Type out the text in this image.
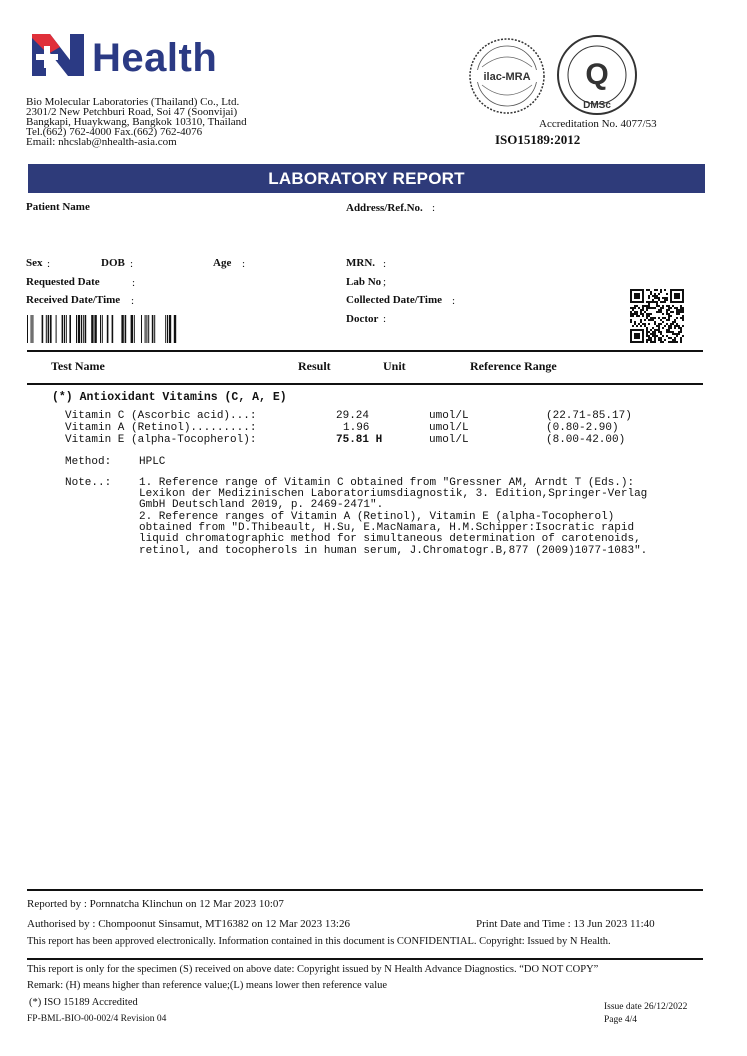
Health
Bio Molecular Laboratories (Thailand) Co., Ltd.
2301/2 New Petchburi Road, Soi 47 (Soonvijai)
Bangkapi, Huaykwang, Bangkok 10310, Thailand
Tel.(662) 762-4000 Fax.(662) 762-4076
Email: nhcslab@nhealth-asia.com
ilac-MRA Q
DMSc
Accreditation No. 4077/53
ISO15189:2012
LABORATORY REPORT
Patient Name	Address/Ref.No. :
Sex :	DOB :	Age :	MRN. :
Requested Date	:	Lab No ;
Received Date/Time :	Collected Date/Time :
Doctor :
Test Name	Result	Unit	Reference Range
(*) Antioxidant Vitamins (C, A, E)
Vitamin C (Ascorbic acid)...:	29.24	umol/L	(22.71-85.17)
Vitamin A (Retinol).........:	1.96	umol/L	(0.80-2.90)
Vitamin E (alpha-Tocopherol):	75.81 H	umol/L	(8.00-42.00)
Method:	HPLC
Note..:	1. Reference range of Vitamin C obtained from "Gressner AM, Arndt T (Eds.):
Lexikon der Medizinischen Laboratoriumsdiagnostik, 3. Edition,Springer-Verlag
GmbH Deutschland 2019, p. 2469-2471".
2. Reference ranges of Vitamin A (Retinol), Vitamin E (alpha-Tocopherol)
obtained from "D.Thibeault, H.Su, E.MacNamara, H.M.Schipper:Isocratic rapid
liquid chromatographic method for simultaneous determination of carotenoids,
retinol, and tocopherols in human serum, J.Chromatogr.B,877 (2009)1077-1083".
Reported by : Pornnatcha Klinchun on 12 Mar 2023 10:07
Authorised by : Chompoonut Sinsamut, MT16382 on 12 Mar 2023 13:26	Print Date and Time : 13 Jun 2023 11:40
This report has been approved electronically. Information contained in this document is CONFIDENTIAL. Copyright: Issued by N Health.
This report is only for the specimen (S) received on above date: Copyright issued by N Health Advance Diagnostics. “DO NOT COPY”
Remark: (H) means higher than reference value;(L) means lower then reference value
(*) ISO 15189 Accredited
FP-BML-BIO-00-002/4 Revision 04
Issue date 26/12/2022
Page 4/4
